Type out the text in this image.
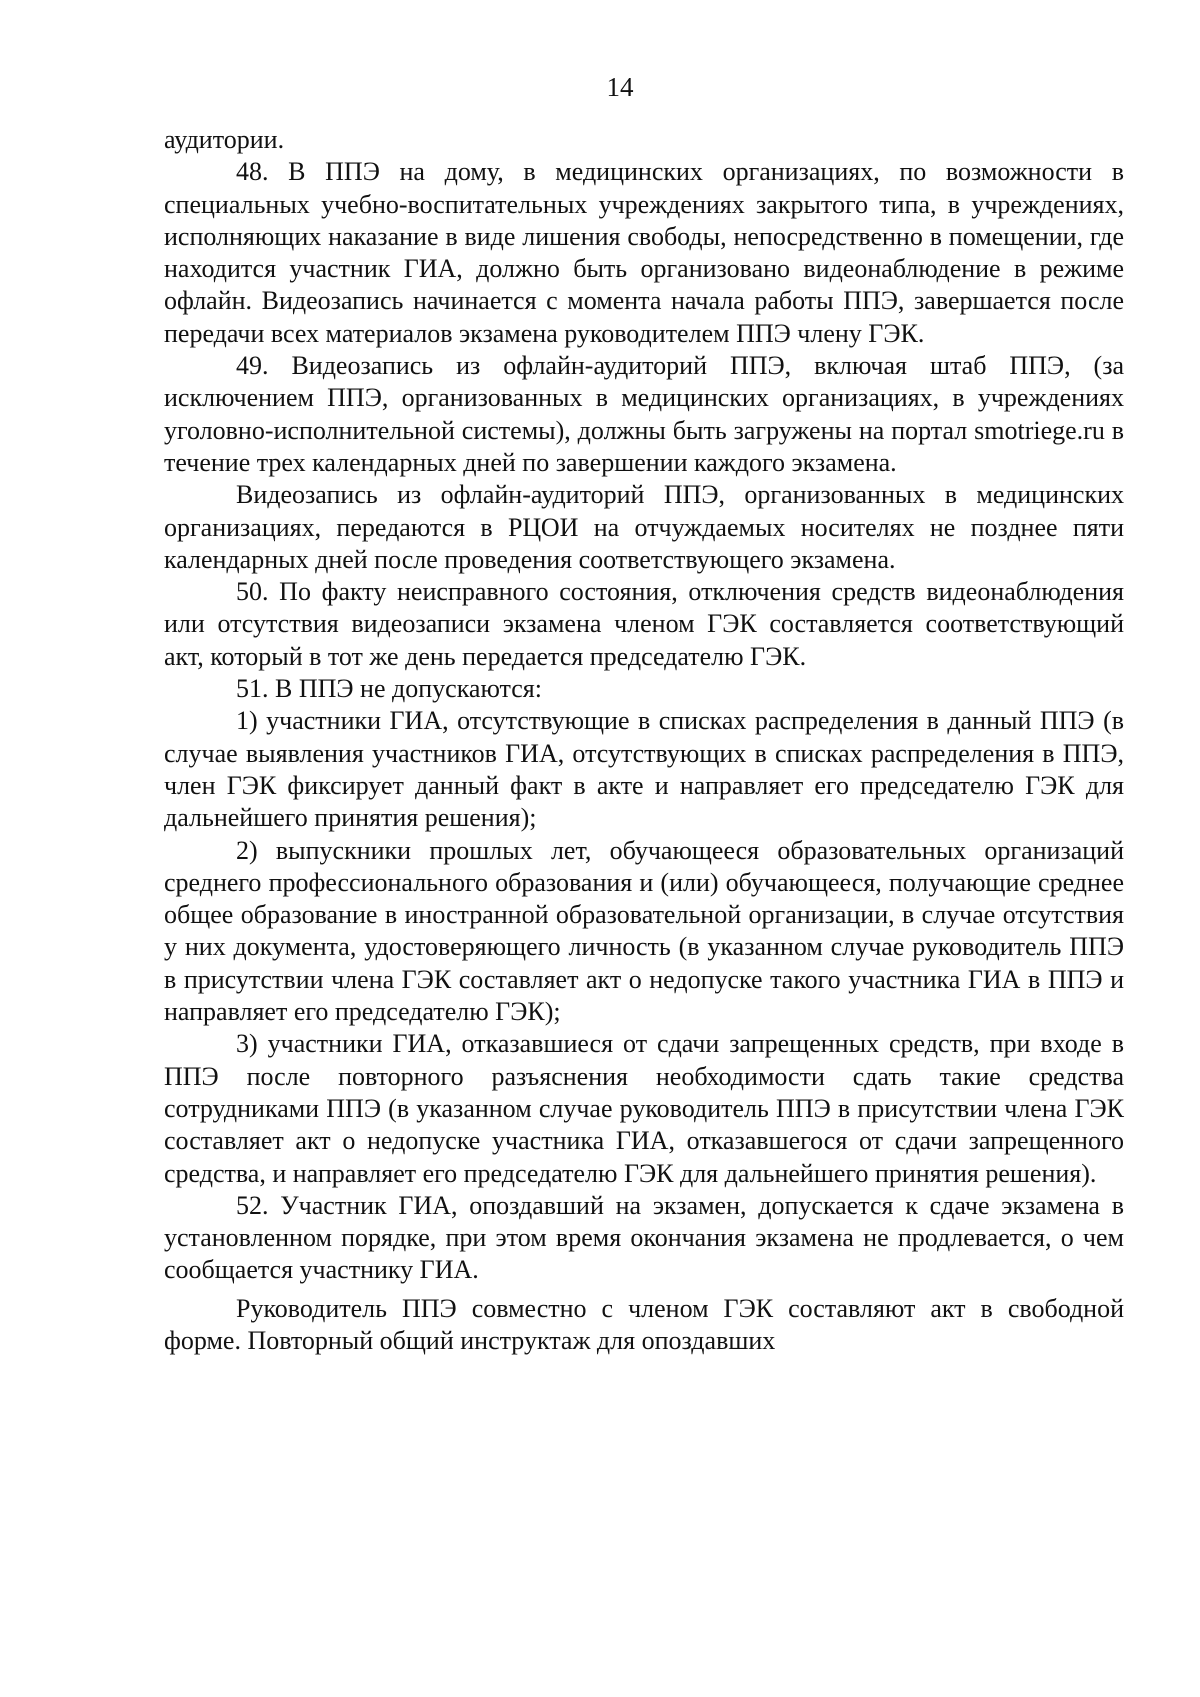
14

аудитории.

48. В ППЭ на дому, в медицинских организациях, по возможности в специальных учебно-воспитательных учреждениях закрытого типа, в учреждениях, исполняющих наказание в виде лишения свободы, непосредственно в помещении, где находится участник ГИА, должно быть организовано видеонаблюдение в режиме офлайн. Видеозапись начинается с момента начала работы ППЭ, завершается после передачи всех материалов экзамена руководителем ППЭ члену ГЭК.

49. Видеозапись из офлайн-аудиторий ППЭ, включая штаб ППЭ, (за исключением ППЭ, организованных в медицинских организациях, в учреждениях уголовно-исполнительной системы), должны быть загружены на портал smotriege.ru в течение трех календарных дней по завершении каждого экзамена.

Видеозапись из офлайн-аудиторий ППЭ, организованных в медицинских организациях, передаются в РЦОИ на отчуждаемых носителях не позднее пяти календарных дней после проведения соответствующего экзамена.

50. По факту неисправного состояния, отключения средств видеонаблюдения или отсутствия видеозаписи экзамена членом ГЭК составляется соответствующий акт, который в тот же день передается председателю ГЭК.

51. В ППЭ не допускаются:

1) участники ГИА, отсутствующие в списках распределения в данный ППЭ (в случае выявления участников ГИА, отсутствующих в списках распределения в ППЭ, член ГЭК фиксирует данный факт в акте и направляет его председателю ГЭК для дальнейшего принятия решения);

2) выпускники прошлых лет, обучающееся образовательных организаций среднего профессионального образования и (или) обучающееся, получающие среднее общее образование в иностранной образовательной организации, в случае отсутствия у них документа, удостоверяющего личность (в указанном случае руководитель ППЭ в присутствии члена ГЭК составляет акт о недопуске такого участника ГИА в ППЭ и направляет его председателю ГЭК);

3) участники ГИА, отказавшиеся от сдачи запрещенных средств, при входе в ППЭ после повторного разъяснения необходимости сдать такие средства сотрудниками ППЭ (в указанном случае руководитель ППЭ в присутствии члена ГЭК составляет акт о недопуске участника ГИА, отказавшегося от сдачи запрещенного средства, и направляет его председателю ГЭК для дальнейшего принятия решения).

52. Участник ГИА, опоздавший на экзамен, допускается к сдаче экзамена в установленном порядке, при этом время окончания экзамена не продлевается, о чем сообщается участнику ГИА.

Руководитель ППЭ совместно с членом ГЭК составляют акт в свободной форме. Повторный общий инструктаж для опоздавших
